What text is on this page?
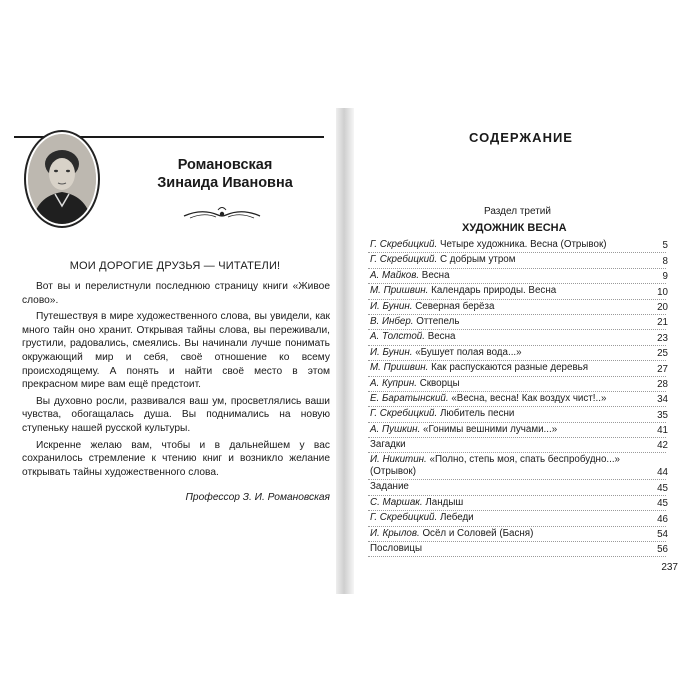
Романовская
Зинаида Ивановна
МОИ ДОРОГИЕ ДРУЗЬЯ — ЧИТАТЕЛИ!

Вот вы и перелистнули последнюю страницу книги «Живое слово».

Путешествуя в мире художественного слова, вы увидели, как много тайн оно хранит. Открывая тайны слова, вы переживали, грустили, радовались, смеялись. Вы начинали лучше понимать окружающий мир и себя, своё отношение ко всему происходящему. А понять и найти своё место в этом прекрасном мире вам ещё предстоит.

Вы духовно росли, развивался ваш ум, просветлялись ваши чувства, обогащалась душа. Вы поднимались на новую ступеньку нашей русской культуры.

Искренне желаю вам, чтобы и в дальнейшем у вас сохранилось стремление к чтению книг и возникло желание открывать тайны художественного слова.

Профессор З. И. Романовская
СОДЕРЖАНИЕ
Раздел третий
ХУДОЖНИК ВЕСНА
Г. Скребицкий. Четыре художника. Весна (Отрывок)	5
Г. Скребицкий. С добрым утром	8
А. Майков. Весна	9
М. Пришвин. Календарь природы. Весна	10
И. Бунин. Северная берёза	20
В. Инбер. Оттепель	21
А. Толстой. Весна	23
И. Бунин. «Бушует полая вода...»	25
М. Пришвин. Как распускаются разные деревья	27
А. Куприн. Скворцы	28
Е. Баратынский. «Весна, весна! Как воздух чист!..»	34
Г. Скребицкий. Любитель песни	35
А. Пушкин. «Гонимы вешними лучами...»	41
Загадки	42
И. Никитин. «Полно, степь моя, спать беспробудно...» (Отрывок)	44
Задание	45
С. Маршак. Ландыш	45
Г. Скребицкий. Лебеди	46
И. Крылов. Осёл и Соловей (Басня)	54
Пословицы	56
237
